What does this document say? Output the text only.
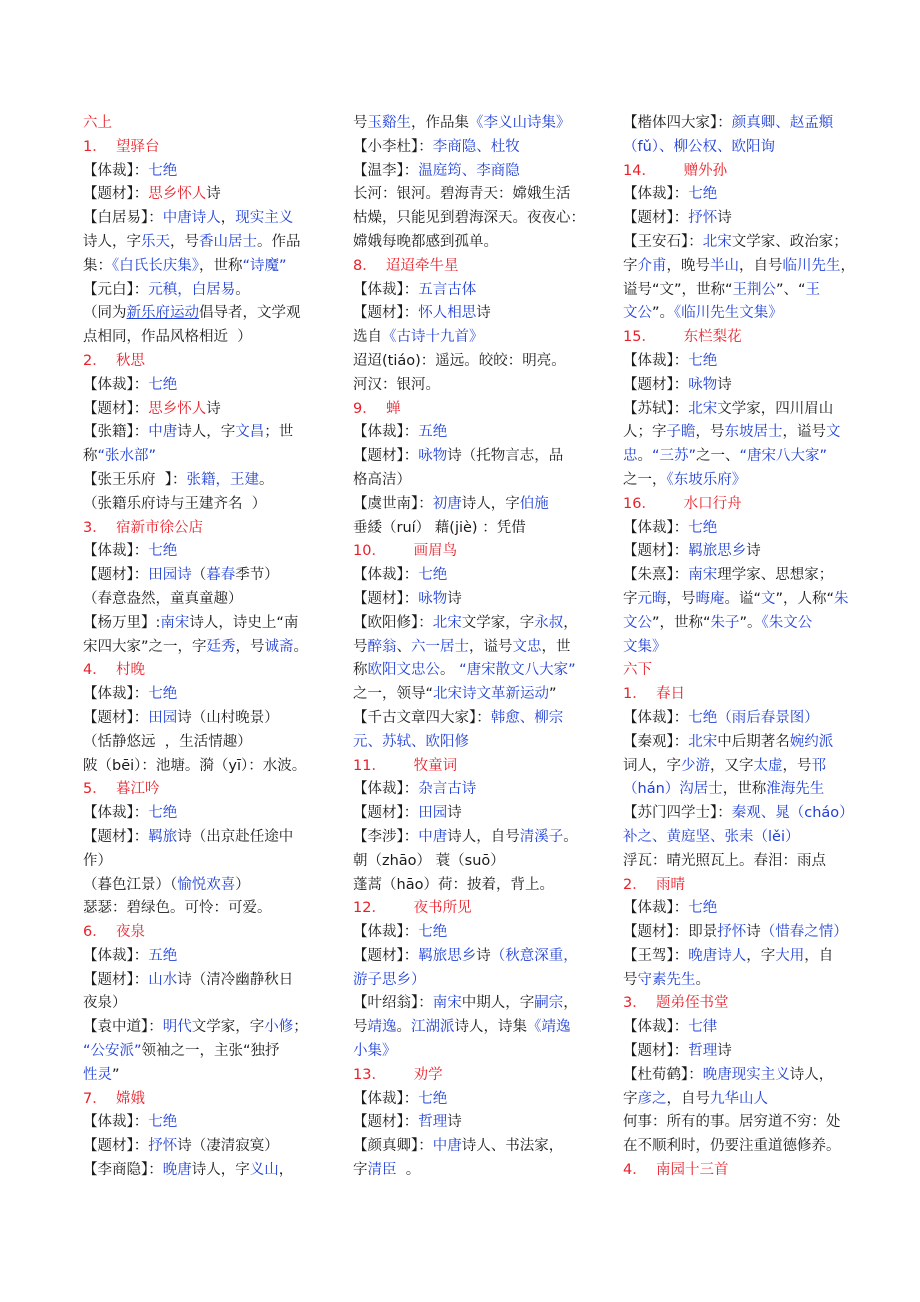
六上
1．  望驿台
【体裁】：七绝
【题材】：思乡怀人诗
【白居易】：中唐诗人，现实主义
诗人，字乐天，号香山居士。作品
集：《白氏长庆集》，世称“诗魔”
【元白】：元稹，白居易。
（同为新乐府运动倡导者，文学观
点相同，作品风格相近  ）
2．  秋思
【体裁】：七绝
【题材】：思乡怀人诗
【张籍】：中唐诗人，字文昌；世
称“张水部”
【张王乐府  】：张籍，王建。
（张籍乐府诗与王建齐名  ）
3．  宿新市徐公店
【体裁】：七绝
【题材】：田园诗（暮春季节）
（春意盎然，童真童趣）
【杨万里】:南宋诗人，诗史上“南
宋四大家”之一，字廷秀，号诚斋。
4．  村晚
【体裁】：七绝
【题材】：田园诗（山村晚景）
（恬静悠远  ，生活情趣）
陂（bēi）：池塘。漪（yī）：水波。
5．  暮江吟
【体裁】：七绝
【题材】：羁旅诗（出京赴任途中
作）
（暮色江景）（愉悦欢喜）
瑟瑟：碧绿色。可怜：可爱。
6．  夜泉
【体裁】：五绝
【题材】：山水诗（清冷幽静秋日
夜泉）
【袁中道】：明代文学家，字小修；
“公安派”领袖之一，主张“独抒
性灵”
7．  嫦娥
【体裁】：七绝
【题材】：抒怀诗（凄清寂寞）
【李商隐】：晚唐诗人，字义山，
号玉谿生，作品集《李义山诗集》
【小李杜】：李商隐、杜牧
【温李】：温庭筠、李商隐
长河：银河。碧海青天：嫦娥生活
枯燥，只能见到碧海深天。夜夜心：
嫦娥每晚都感到孤单。
8．  迢迢牵牛星
【体裁】：五言古体
【题材】：怀人相思诗
选自《古诗十九首》
迢迢(tiáo)：遥远。皎皎：明亮。
河汉：银河。
9．  蝉
【体裁】：五绝
【题材】：咏物诗（托物言志，品
格高洁）
【虞世南】：初唐诗人，字伯施
垂緌（ruí） 藉(jiè) ：凭借
10．      画眉鸟
【体裁】：七绝
【题材】：咏物诗
【欧阳修】：北宋文学家，字永叔，
号醉翁、六一居士，谥号文忠，世
称欧阳文忠公。 “唐宋散文八大家”
之一，领导“北宋诗文革新运动”
【千古文章四大家】：韩愈、柳宗
元、苏轼、欧阳修
11．      牧童词
【体裁】：杂言古诗
【题材】：田园诗
【李涉】：中唐诗人，自号清溪子。
朝（zhāo） 蓑（suō）
蓬蒿（hāo）荷：披着，背上。
12．      夜书所见
【体裁】：七绝
【题材】：羁旅思乡诗（秋意深重，
游子思乡）
【叶绍翁】：南宋中期人，字嗣宗，
号靖逸。江湖派诗人，诗集《靖逸
小集》
13．      劝学
【体裁】：七绝
【题材】：哲理诗
【颜真卿】：中唐诗人、书法家，
字清臣  。
【楷体四大家】：颜真卿、赵孟頫
（fǔ）、柳公权、欧阳询
14．      赠外孙
【体裁】：七绝
【题材】：抒怀诗
【王安石】：北宋文学家、政治家；
字介甫，晚号半山，自号临川先生，
谥号“文”，世称“王荆公”、“王
文公”。《临川先生文集》
15．      东栏梨花
【体裁】：七绝
【题材】：咏物诗
【苏轼】：北宋文学家，四川眉山
人；字子瞻，号东坡居士，谥号文
忠。“三苏”之一、“唐宋八大家”
之一，《东坡乐府》
16．      水口行舟
【体裁】：七绝
【题材】：羁旅思乡诗
【朱熹】：南宋理学家、思想家；
字元晦，号晦庵。谥“文”，人称“朱
文公”，世称“朱子”。《朱文公
文集》
六下
1．  春日
【体裁】：七绝（雨后春景图）
【秦观】：北宋中后期著名婉约派
词人，字少游，又字太虚，号邗
（hán）沟居士，世称淮海先生
【苏门四学士】：秦观、晁（cháo）
补之、黄庭坚、张耒（lěi）
浮瓦：晴光照瓦上。春泪：雨点
2．  雨晴
【体裁】：七绝
【题材】：即景抒怀诗（惜春之情）
【王驾】：晚唐诗人，字大用，自
号守素先生。
3．  题弟侄书堂
【体裁】：七律
【题材】：哲理诗
【杜荀鹤】：晚唐现实主义诗人，
字彦之，自号九华山人
何事：所有的事。居穷道不穷：处
在不顺利时，仍要注重道德修养。
4．  南园十三首
